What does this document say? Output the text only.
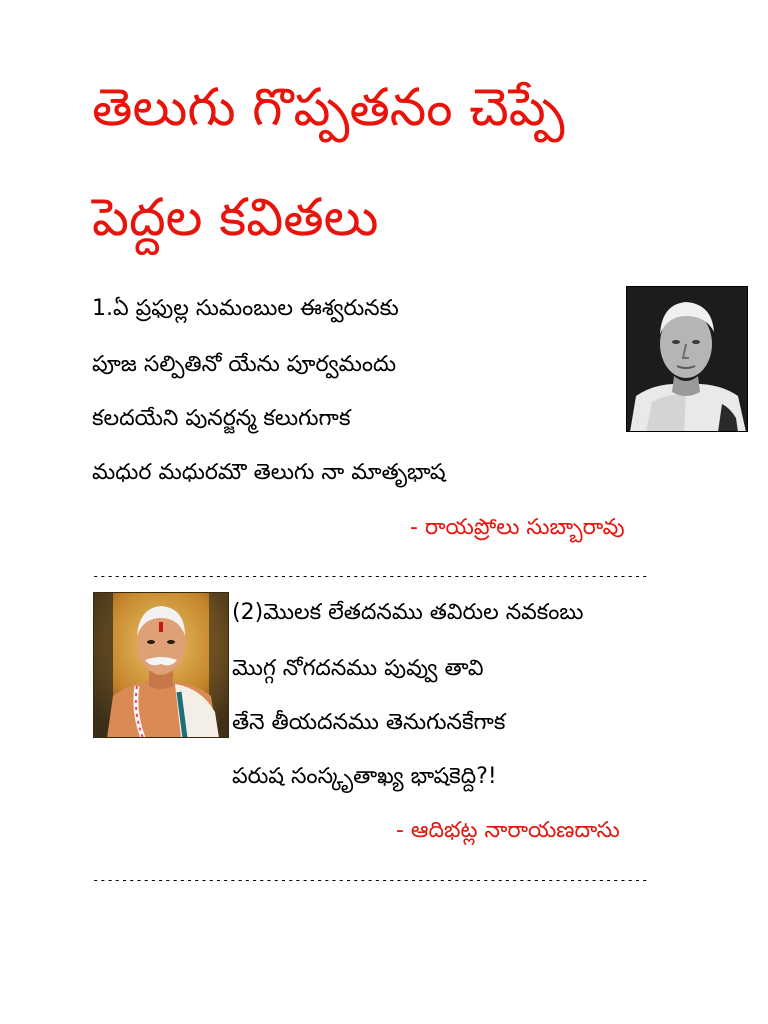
తెలుగు గొప్పతనం చెప్పే
పెద్దల కవితలు
1.ఏ ప్రఫుల్ల సుమంబుల ఈశ్వరునకు
పూజ సల్పితినో యేను పూర్వమందు
కలదయేని పునర్జన్మ కలుగుగాక
మధుర మధురమౌ తెలుగు నా మాతృభాష
- రాయప్రోలు సుబ్బారావు
-----------------------------------------------------------------------------
(2)మొలక లేతదనము తవిరుల నవకంబు
మొగ్గ నోగదనము పువ్వు తావి
తేనె తీయదనము తెనుగునకేగాక
పరుష సంస్కృతాఖ్య భాషకెద్ది?!
- ఆదిభట్ల నారాయణదాసు
-----------------------------------------------------------------------------
